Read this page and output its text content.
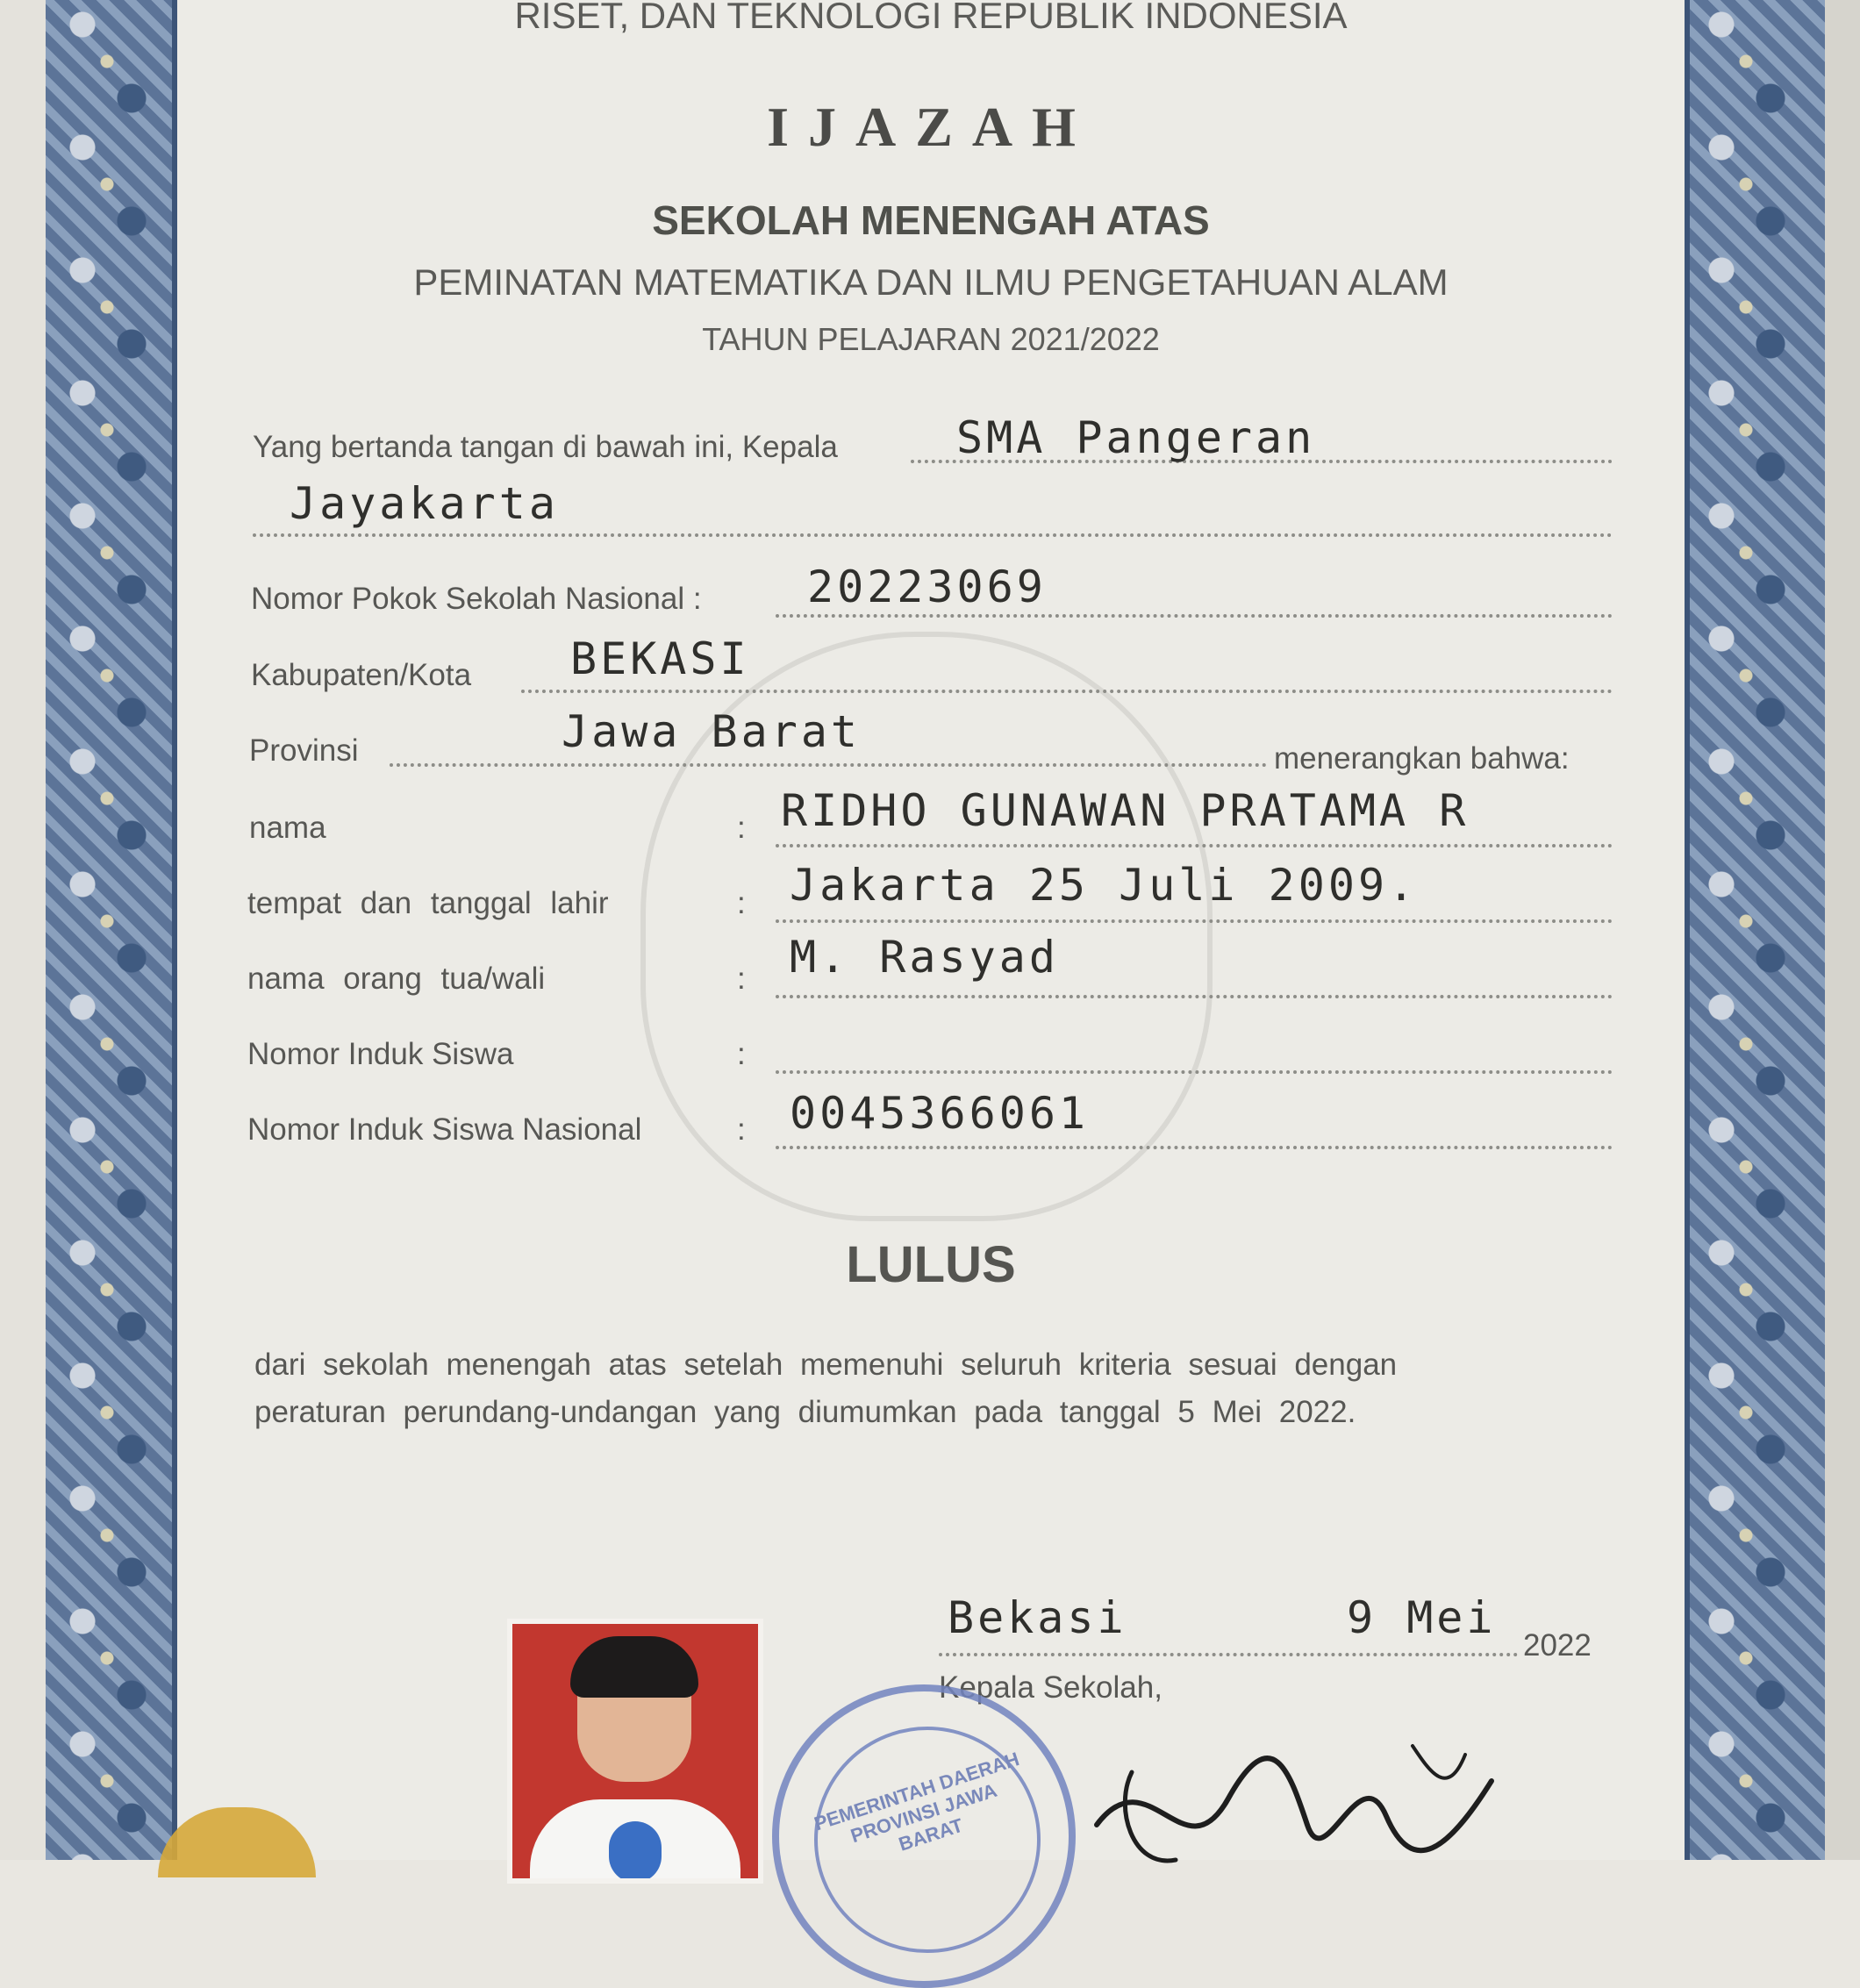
RISET, DAN TEKNOLOGI REPUBLIK INDONESIA
IJAZAH
SEKOLAH MENENGAH ATAS
PEMINATAN MATEMATIKA DAN ILMU PENGETAHUAN ALAM
TAHUN PELAJARAN 2021/2022
Yang bertanda tangan di bawah ini, Kepala	SMA Pangeran
Jayakarta
Nomor Pokok Sekolah Nasional : 20223069
Kabupaten/Kota BEKASI
Provinsi	Jawa Barat
menerangkan bahwa:
nama	: RIDHO GUNAWAN PRATAMA R
tempat dan tanggal lahir	: Jakarta 25 Juli 2009.
nama orang tua/wali	: M. Rasyad
Nomor Induk Siswa	:
Nomor Induk Siswa Nasional	: 0045366061
LULUS
dari sekolah menengah atas setelah memenuhi seluruh kriteria sesuai dengan
peraturan perundang-undangan yang diumumkan pada tanggal 5 Mei 2022.
Bekasi	9 Mei
2022
Kepala Sekolah,
PEMERINTAH DAERAH PROVINSI JAWA BARAT
